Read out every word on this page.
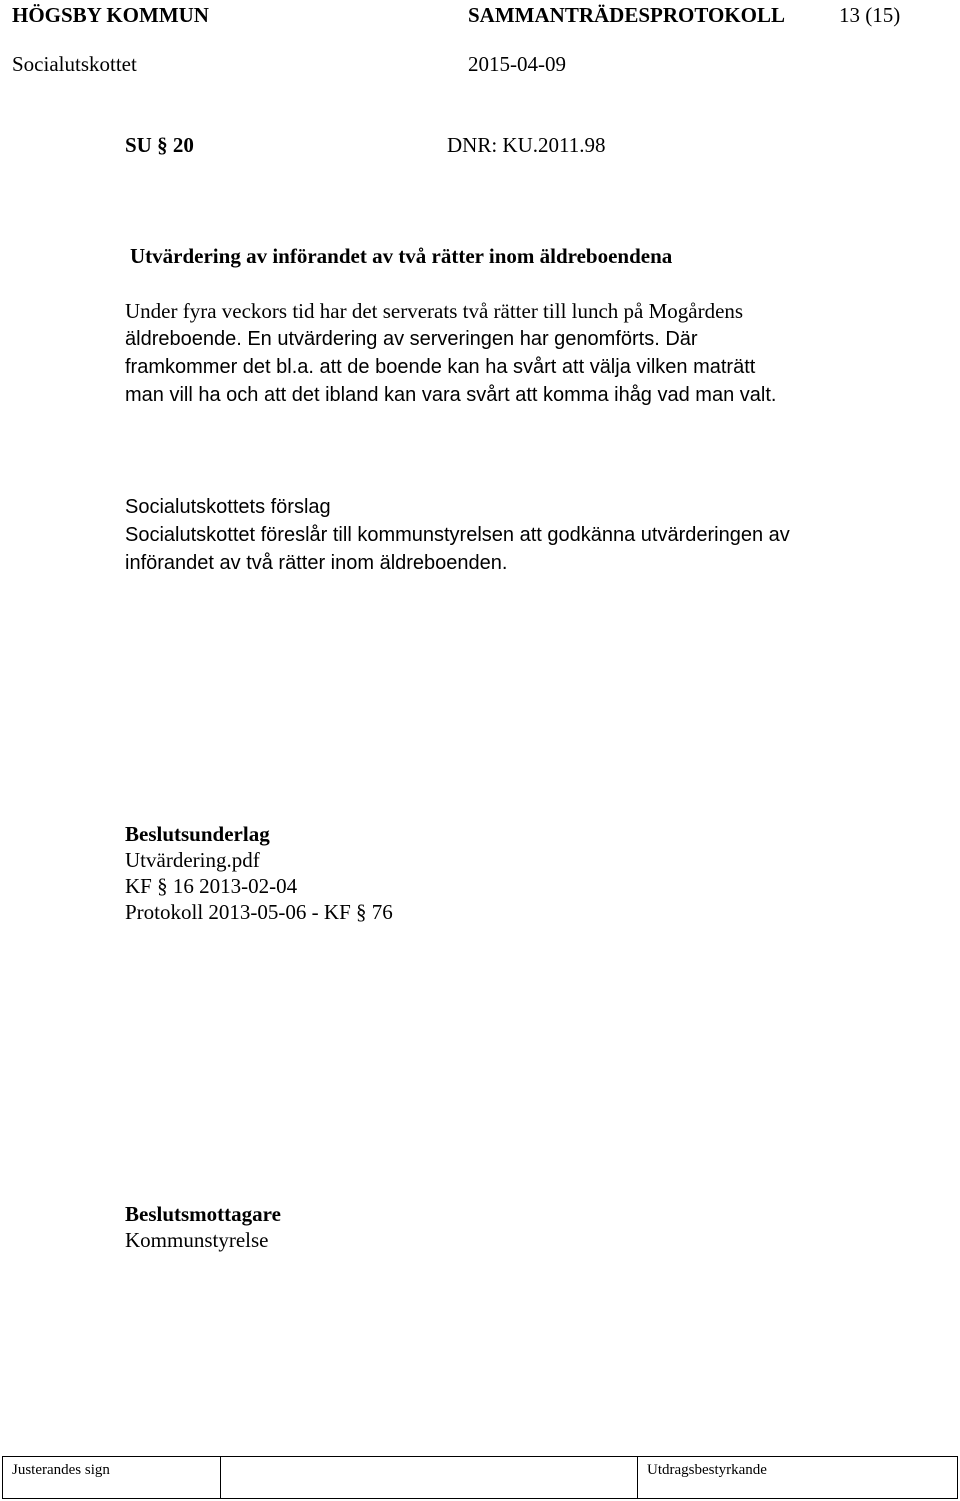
HÖGSBY KOMMUN	SAMMANTRÄDESPROTOKOLL	13 (15)
Socialutskottet	2015-04-09
SU § 20	DNR: KU.2011.98
Utvärdering av införandet av två rätter inom äldreboendena
Under fyra veckors tid har det serverats två rätter till lunch på Mogårdens
äldreboende. En utvärdering av serveringen har genomförts. Där
framkommer det bl.a. att de boende kan ha svårt att välja vilken maträtt
man vill ha och att det ibland kan vara svårt att komma ihåg vad man valt.
Socialutskottets förslag
Socialutskottet föreslår till kommunstyrelsen att godkänna utvärderingen av
införandet av två rätter inom äldreboenden.
Beslutsunderlag
Utvärdering.pdf
KF § 16 2013-02-04
Protokoll 2013-05-06 - KF § 76
Beslutsmottagare
Kommunstyrelse
Justerandes sign	Utdragsbestyrkande
